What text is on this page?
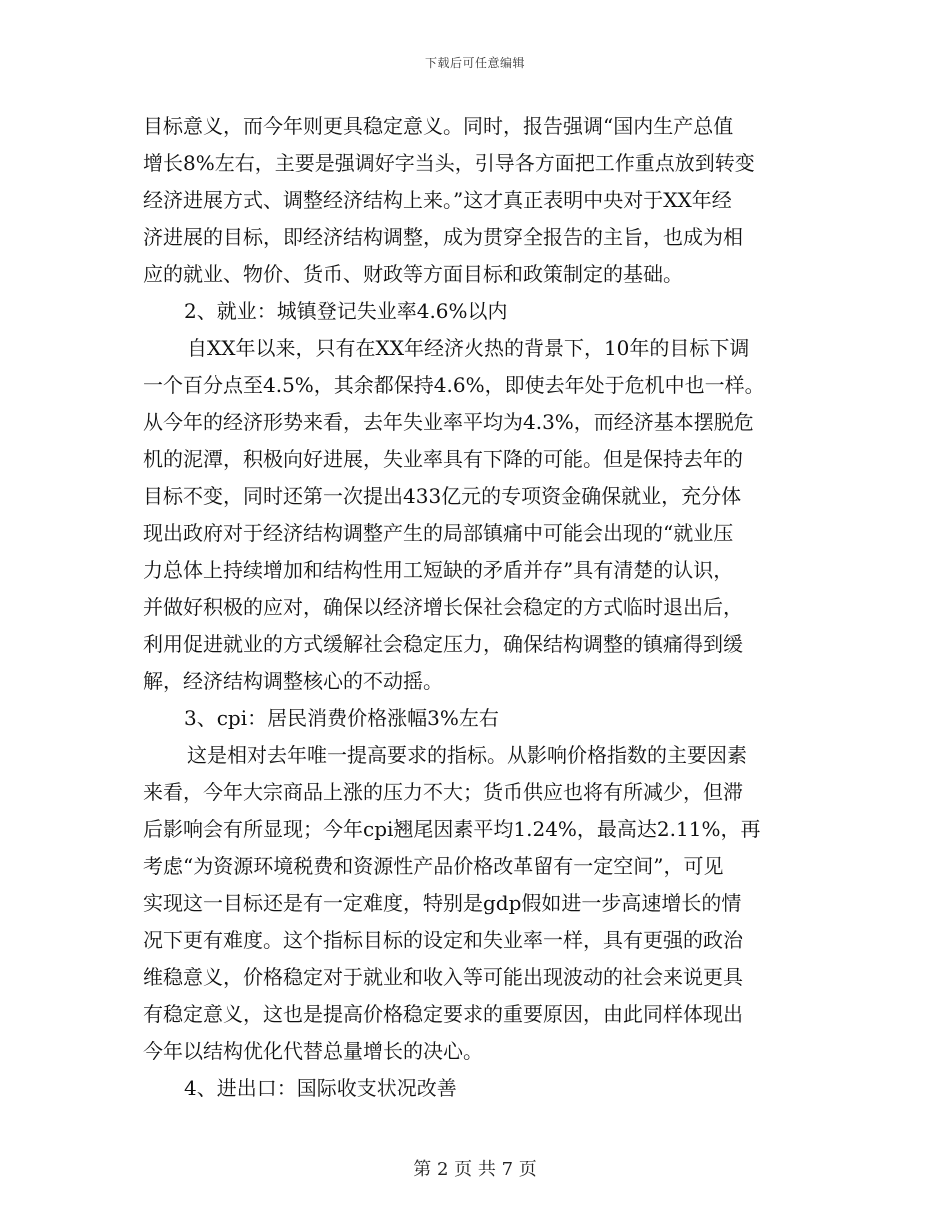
下载后可任意编辑
目标意义，而今年则更具稳定意义。同时，报告强调“国内生产总值
增长8%左右，主要是强调好字当头，引导各方面把工作重点放到转变
经济进展方式、调整经济结构上来。”这才真正表明中央对于XX年经
济进展的目标，即经济结构调整，成为贯穿全报告的主旨，也成为相
应的就业、物价、货币、财政等方面目标和政策制定的基础。
2、就业：城镇登记失业率4.6%以内
自XX年以来，只有在XX年经济火热的背景下，10年的目标下调
一个百分点至4.5%，其余都保持4.6%，即使去年处于危机中也一样。
从今年的经济形势来看，去年失业率平均为4.3%，而经济基本摆脱危
机的泥潭，积极向好进展，失业率具有下降的可能。但是保持去年的
目标不变，同时还第一次提出433亿元的专项资金确保就业，充分体
现出政府对于经济结构调整产生的局部镇痛中可能会出现的“就业压
力总体上持续增加和结构性用工短缺的矛盾并存”具有清楚的认识，
并做好积极的应对，确保以经济增长保社会稳定的方式临时退出后，
利用促进就业的方式缓解社会稳定压力，确保结构调整的镇痛得到缓
解，经济结构调整核心的不动摇。
3、cpi：居民消费价格涨幅3%左右
这是相对去年唯一提高要求的指标。从影响价格指数的主要因素
来看，今年大宗商品上涨的压力不大；货币供应也将有所减少，但滞
后影响会有所显现；今年cpi翘尾因素平均1.24%，最高达2.11%，再
考虑“为资源环境税费和资源性产品价格改革留有一定空间”，可见
实现这一目标还是有一定难度，特别是gdp假如进一步高速增长的情
况下更有难度。这个指标目标的设定和失业率一样，具有更强的政治
维稳意义，价格稳定对于就业和收入等可能出现波动的社会来说更具
有稳定意义，这也是提高价格稳定要求的重要原因，由此同样体现出
今年以结构优化代替总量增长的决心。
4、进出口：国际收支状况改善
第 2 页 共 7 页
